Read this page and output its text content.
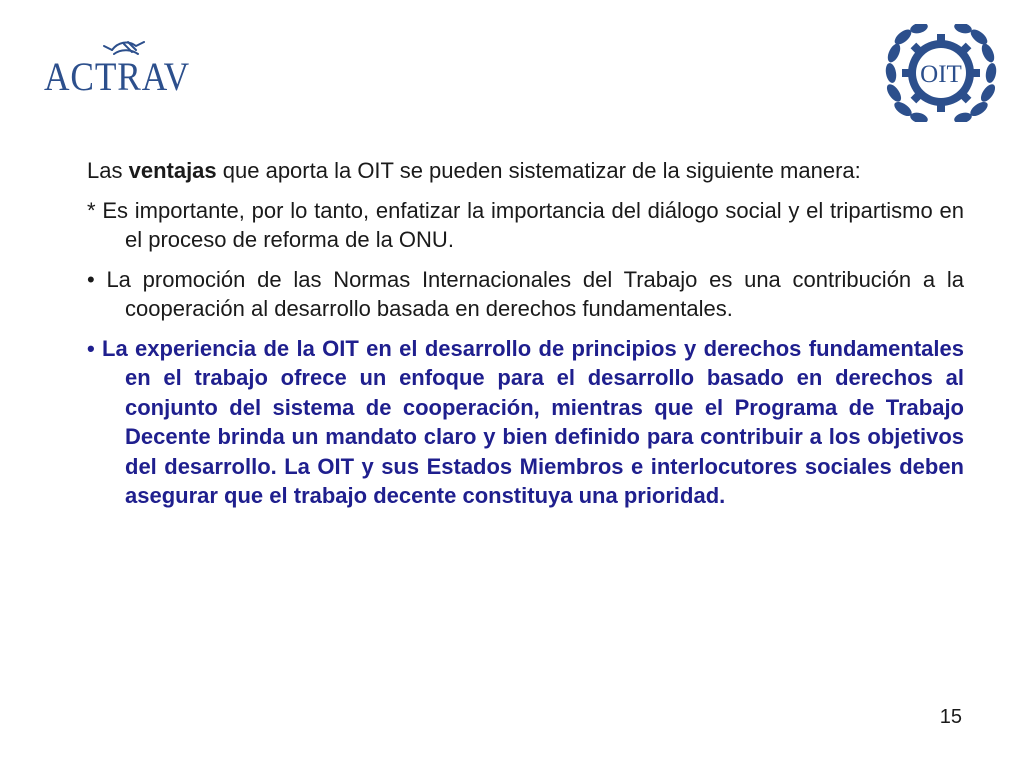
ACTRAV	OIT

Las ventajas que aporta la OIT se pueden sistematizar de la siguiente manera:

* Es importante, por lo tanto, enfatizar la importancia del diálogo social y el tripartismo en el proceso de reforma de la ONU.

• La promoción de las Normas Internacionales del Trabajo es una contribución a la cooperación al desarrollo basada en derechos fundamentales.

• La experiencia de la OIT en el desarrollo de principios y derechos fundamentales en el trabajo ofrece un enfoque para el desarrollo basado en derechos al conjunto del sistema de cooperación, mientras que el Programa de Trabajo Decente brinda un mandato claro y bien definido para contribuir a los objetivos del desarrollo. La OIT y sus Estados Miembros e interlocutores sociales deben asegurar que el trabajo decente constituya una prioridad.

15
